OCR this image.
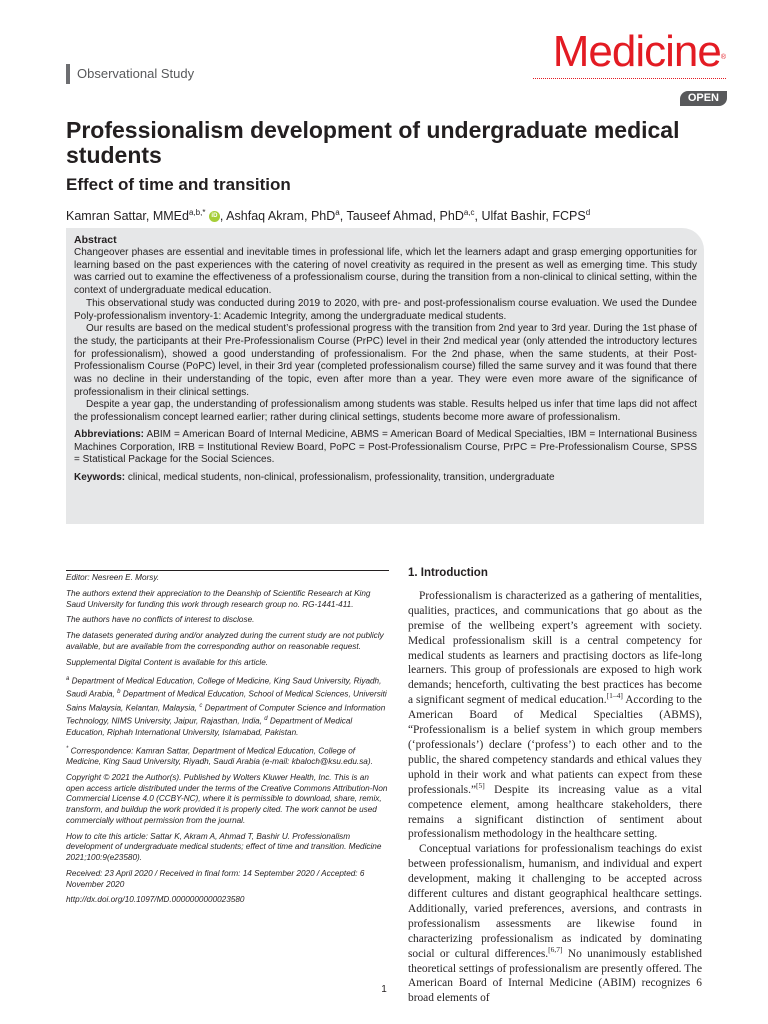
Observational Study	Medicine®
OPEN
Professionalism development of undergraduate medical students
Effect of time and transition
Kamran Sattar, MMEd$^{a,b,*}$ iD , Ashfaq Akram, PhD$^a$, Tauseef Ahmad, PhD$^{a,c}$, Ulfat Bashir, FCPS$^d$
Abstract

Changeover phases are essential and inevitable times in professional life, which let the learners adapt and grasp emerging opportunities for learning based on the past experiences with the catering of novel creativity as required in the present as well as emerging time. This study was carried out to examine the effectiveness of a professionalism course, during the transition from a non-clinical to clinical setting, within the context of undergraduate medical education.

This observational study was conducted during 2019 to 2020, with pre- and post-professionalism course evaluation. We used the Dundee Poly-professionalism inventory-1: Academic Integrity, among the undergraduate medical students.

Our results are based on the medical student’s professional progress with the transition from 2nd year to 3rd year. During the 1st phase of the study, the participants at their Pre-Professionalism Course (PrPC) level in their 2nd medical year (only attended the introductory lectures for professionalism), showed a good understanding of professionalism. For the 2nd phase, when the same students, at their Post-Professionalism Course (PoPC) level, in their 3rd year (completed professionalism course) filled the same survey and it was found that there was no decline in their understanding of the topic, even after more than a year. They were even more aware of the significance of professionalism in their clinical settings.

Despite a year gap, the understanding of professionalism among students was stable. Results helped us infer that time laps did not affect the professionalism concept learned earlier; rather during clinical settings, students become more aware of professionalism.

Abbreviations: ABIM = American Board of Internal Medicine, ABMS = American Board of Medical Specialties, IBM = International Business Machines Corporation, IRB = Institutional Review Board, PoPC = Post-Professionalism Course, PrPC = Pre-Professionalism Course, SPSS = Statistical Package for the Social Sciences.

Keywords: clinical, medical students, non-clinical, professionalism, professionality, transition, undergraduate

Editor: Nesreen E. Morsy.

The authors extend their appreciation to the Deanship of Scientific Research at King Saud University for funding this work through research group no. RG-1441-411.

The authors have no conflicts of interest to disclose.

The datasets generated during and/or analyzed during the current study are not publicly available, but are available from the corresponding author on reasonable request.

Supplemental Digital Content is available for this article.

$^a$ Department of Medical Education, College of Medicine, King Saud University, Riyadh, Saudi Arabia, $^b$ Department of Medical Education, School of Medical Sciences, Universiti Sains Malaysia, Kelantan, Malaysia, $^c$ Department of Computer Science and Information Technology, NIMS University, Jaipur, Rajasthan, India, $^d$ Department of Medical Education, Riphah International University, Islamabad, Pakistan.

* Correspondence: Kamran Sattar, Department of Medical Education, College of Medicine, King Saud University, Riyadh, Saudi Arabia (e-mail: kbaloch@ksu.edu.sa).

Copyright © 2021 the Author(s). Published by Wolters Kluwer Health, Inc. This is an open access article distributed under the terms of the Creative Commons Attribution-Non Commercial License 4.0 (CCBY-NC), where it is permissible to download, share, remix, transform, and buildup the work provided it is properly cited. The work cannot be used commercially without permission from the journal.

How to cite this article: Sattar K, Akram A, Ahmad T, Bashir U. Professionalism development of undergraduate medical students; effect of time and transition. Medicine 2021;100:9(e23580).

Received: 23 April 2020 / Received in final form: 14 September 2020 / Accepted: 6 November 2020

http://dx.doi.org/10.1097/MD.0000000000023580

1. Introduction

Professionalism is characterized as a gathering of mentalities, qualities, practices, and communications that go about as the premise of the wellbeing expert’s agreement with society. Medical professionalism skill is a central competency for medical students as learners and practising doctors as life-long learners. This group of professionals are exposed to high work demands; henceforth, cultivating the best practices has become a significant segment of medical education.[1–4] According to the American Board of Medical Specialties (ABMS), “Professionalism is a belief system in which group members (‘professionals’) declare (‘profess’) to each other and to the public, the shared competency standards and ethical values they uphold in their work and what patients can expect from these professionals.”[5] Despite its increasing value as a vital competence element, among healthcare stakeholders, there remains a significant distinction of sentiment about professionalism methodology in the healthcare setting.

Conceptual variations for professionalism teachings do exist between professionalism, humanism, and individual and expert development, making it challenging to be accepted across different cultures and distant geographical healthcare settings. Additionally, varied preferences, aversions, and contrasts in professionalism assessments are likewise found in characterizing professionalism as indicated by dominating social or cultural differences.[6,7] No unanimously established theoretical settings of professionalism are presently offered. The American Board of Internal Medicine (ABIM) recognizes 6 broad elements of

1
